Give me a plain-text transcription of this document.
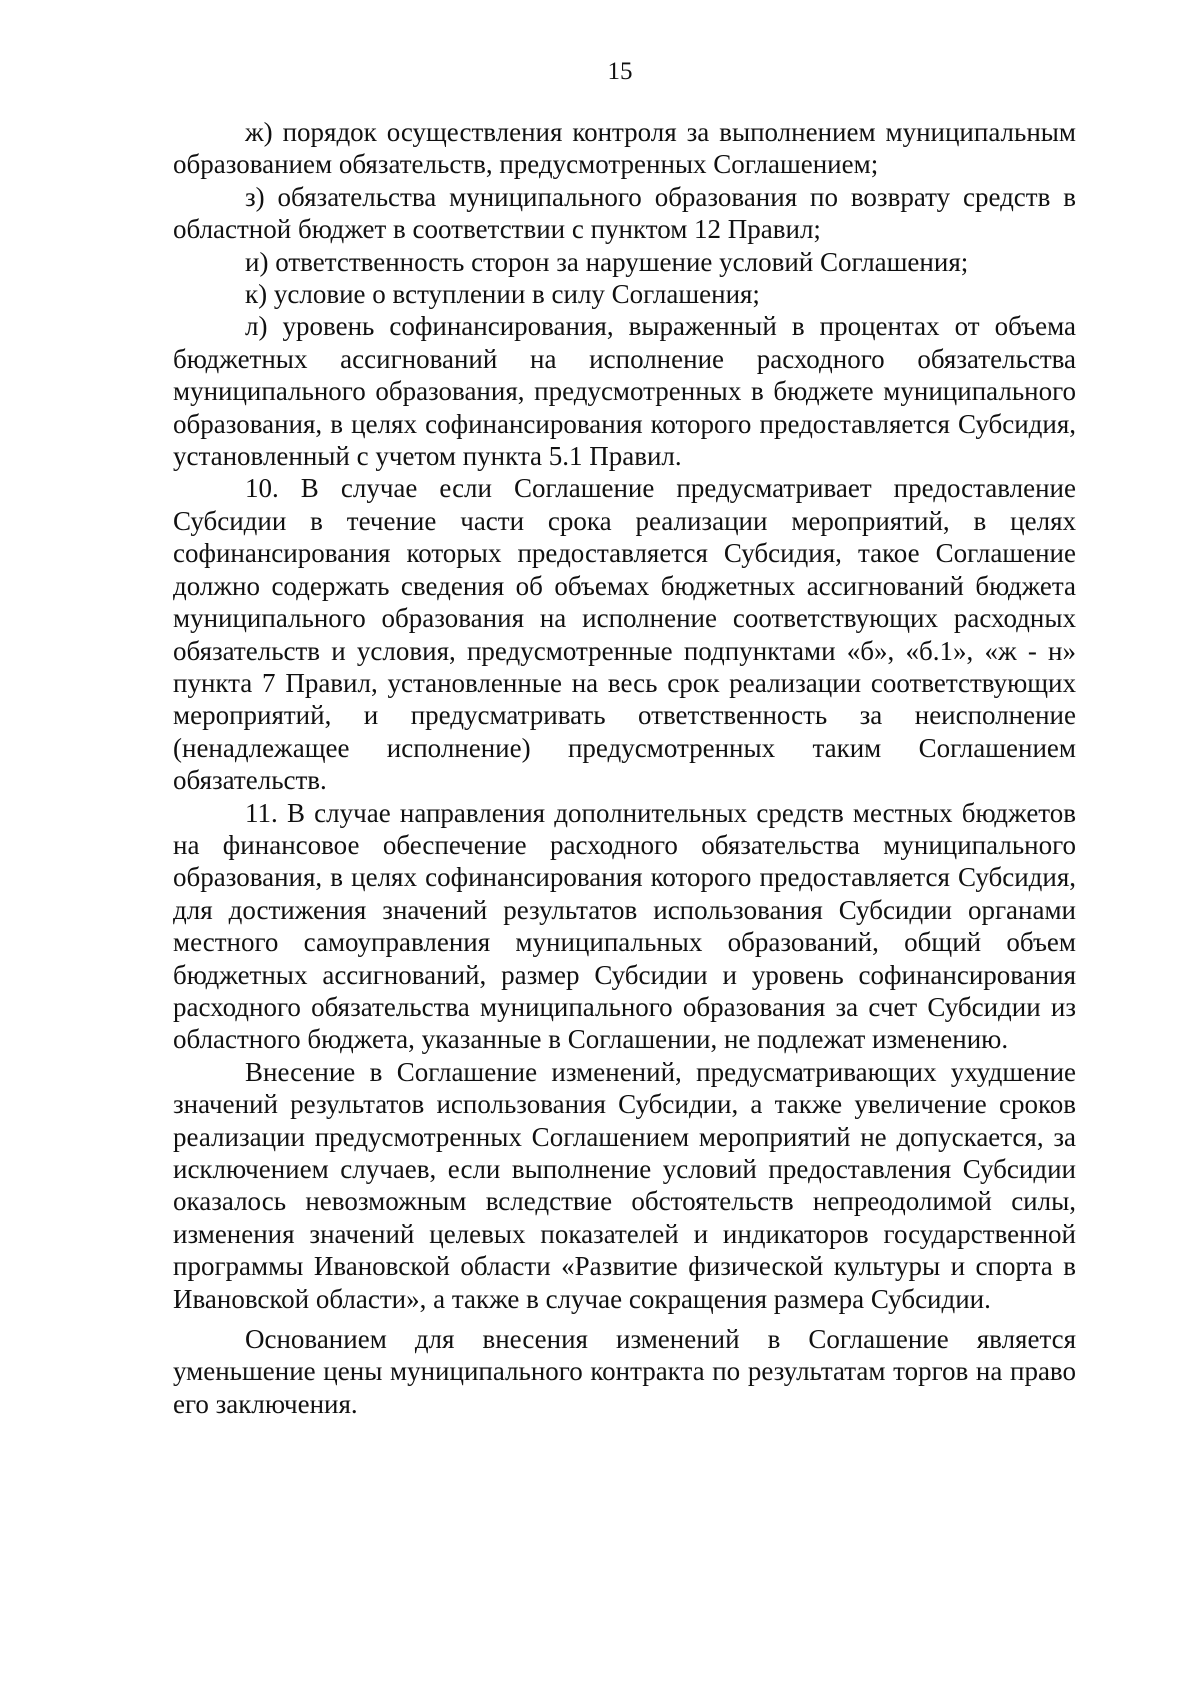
15

ж) порядок осуществления контроля за выполнением муниципальным образованием обязательств, предусмотренных Соглашением;

з) обязательства муниципального образования по возврату средств в областной бюджет в соответствии с пунктом 12 Правил;

и) ответственность сторон за нарушение условий Соглашения;

к) условие о вступлении в силу Соглашения;

л) уровень софинансирования, выраженный в процентах от объема бюджетных ассигнований на исполнение расходного обязательства муниципального образования, предусмотренных в бюджете муниципального образования, в целях софинансирования которого предоставляется Субсидия, установленный с учетом пункта 5.1 Правил.

10. В случае если Соглашение предусматривает предоставление Субсидии в течение части срока реализации мероприятий, в целях софинансирования которых предоставляется Субсидия, такое Соглашение должно содержать сведения об объемах бюджетных ассигнований бюджета муниципального образования на исполнение соответствующих расходных обязательств и условия, предусмотренные подпунктами «б», «б.1», «ж - н» пункта 7 Правил, установленные на весь срок реализации соответствующих мероприятий, и предусматривать ответственность за неисполнение (ненадлежащее исполнение) предусмотренных таким Соглашением обязательств.

11. В случае направления дополнительных средств местных бюджетов на финансовое обеспечение расходного обязательства муниципального образования, в целях софинансирования которого предоставляется Субсидия, для достижения значений результатов использования Субсидии органами местного самоуправления муниципальных образований, общий объем бюджетных ассигнований, размер Субсидии и уровень софинансирования расходного обязательства муниципального образования за счет Субсидии из областного бюджета, указанные в Соглашении, не подлежат изменению.

Внесение в Соглашение изменений, предусматривающих ухудшение значений результатов использования Субсидии, а также увеличение сроков реализации предусмотренных Соглашением мероприятий не допускается, за исключением случаев, если выполнение условий предоставления Субсидии оказалось невозможным вследствие обстоятельств непреодолимой силы, изменения значений целевых показателей и индикаторов государственной программы Ивановской области «Развитие физической культуры и спорта в Ивановской области», а также в случае сокращения размера Субсидии.

Основанием для внесения изменений в Соглашение является уменьшение цены муниципального контракта по результатам торгов на право его заключения.
